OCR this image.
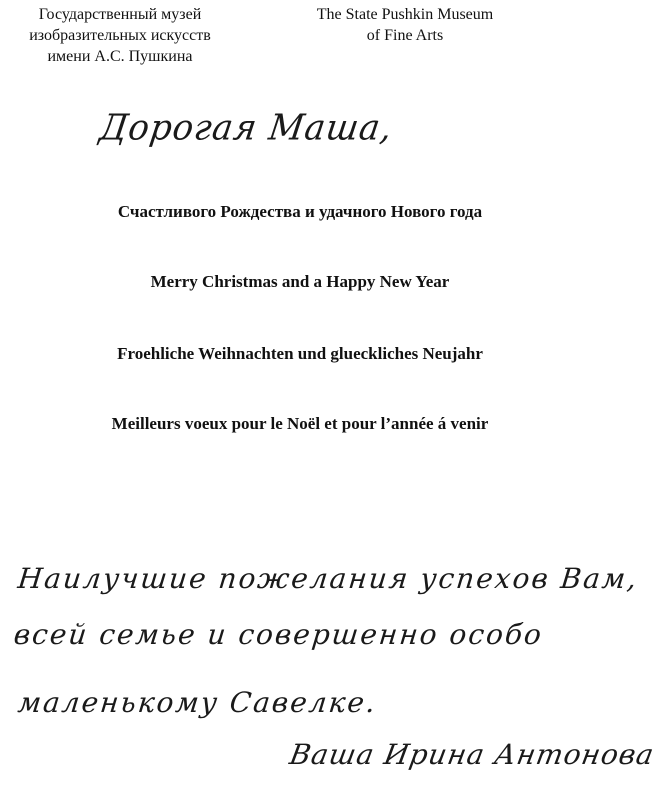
Государственный музей
изобразительных искусств
имени А.С. Пушкина
The State Pushkin Museum
of Fine Arts
Дорогая Маша,
Счастливого Рождества и удачного Нового года
Merry Christmas and a Happy New Year
Froehliche Weihnachten und glueckliches Neujahr
Meilleurs voeux pour le Noël et pour l’année á venir
Наилучшие пожелания успехов Вам,
всей семье и совершенно особо
маленькому Савелке.
Ваша Ирина Антонова
